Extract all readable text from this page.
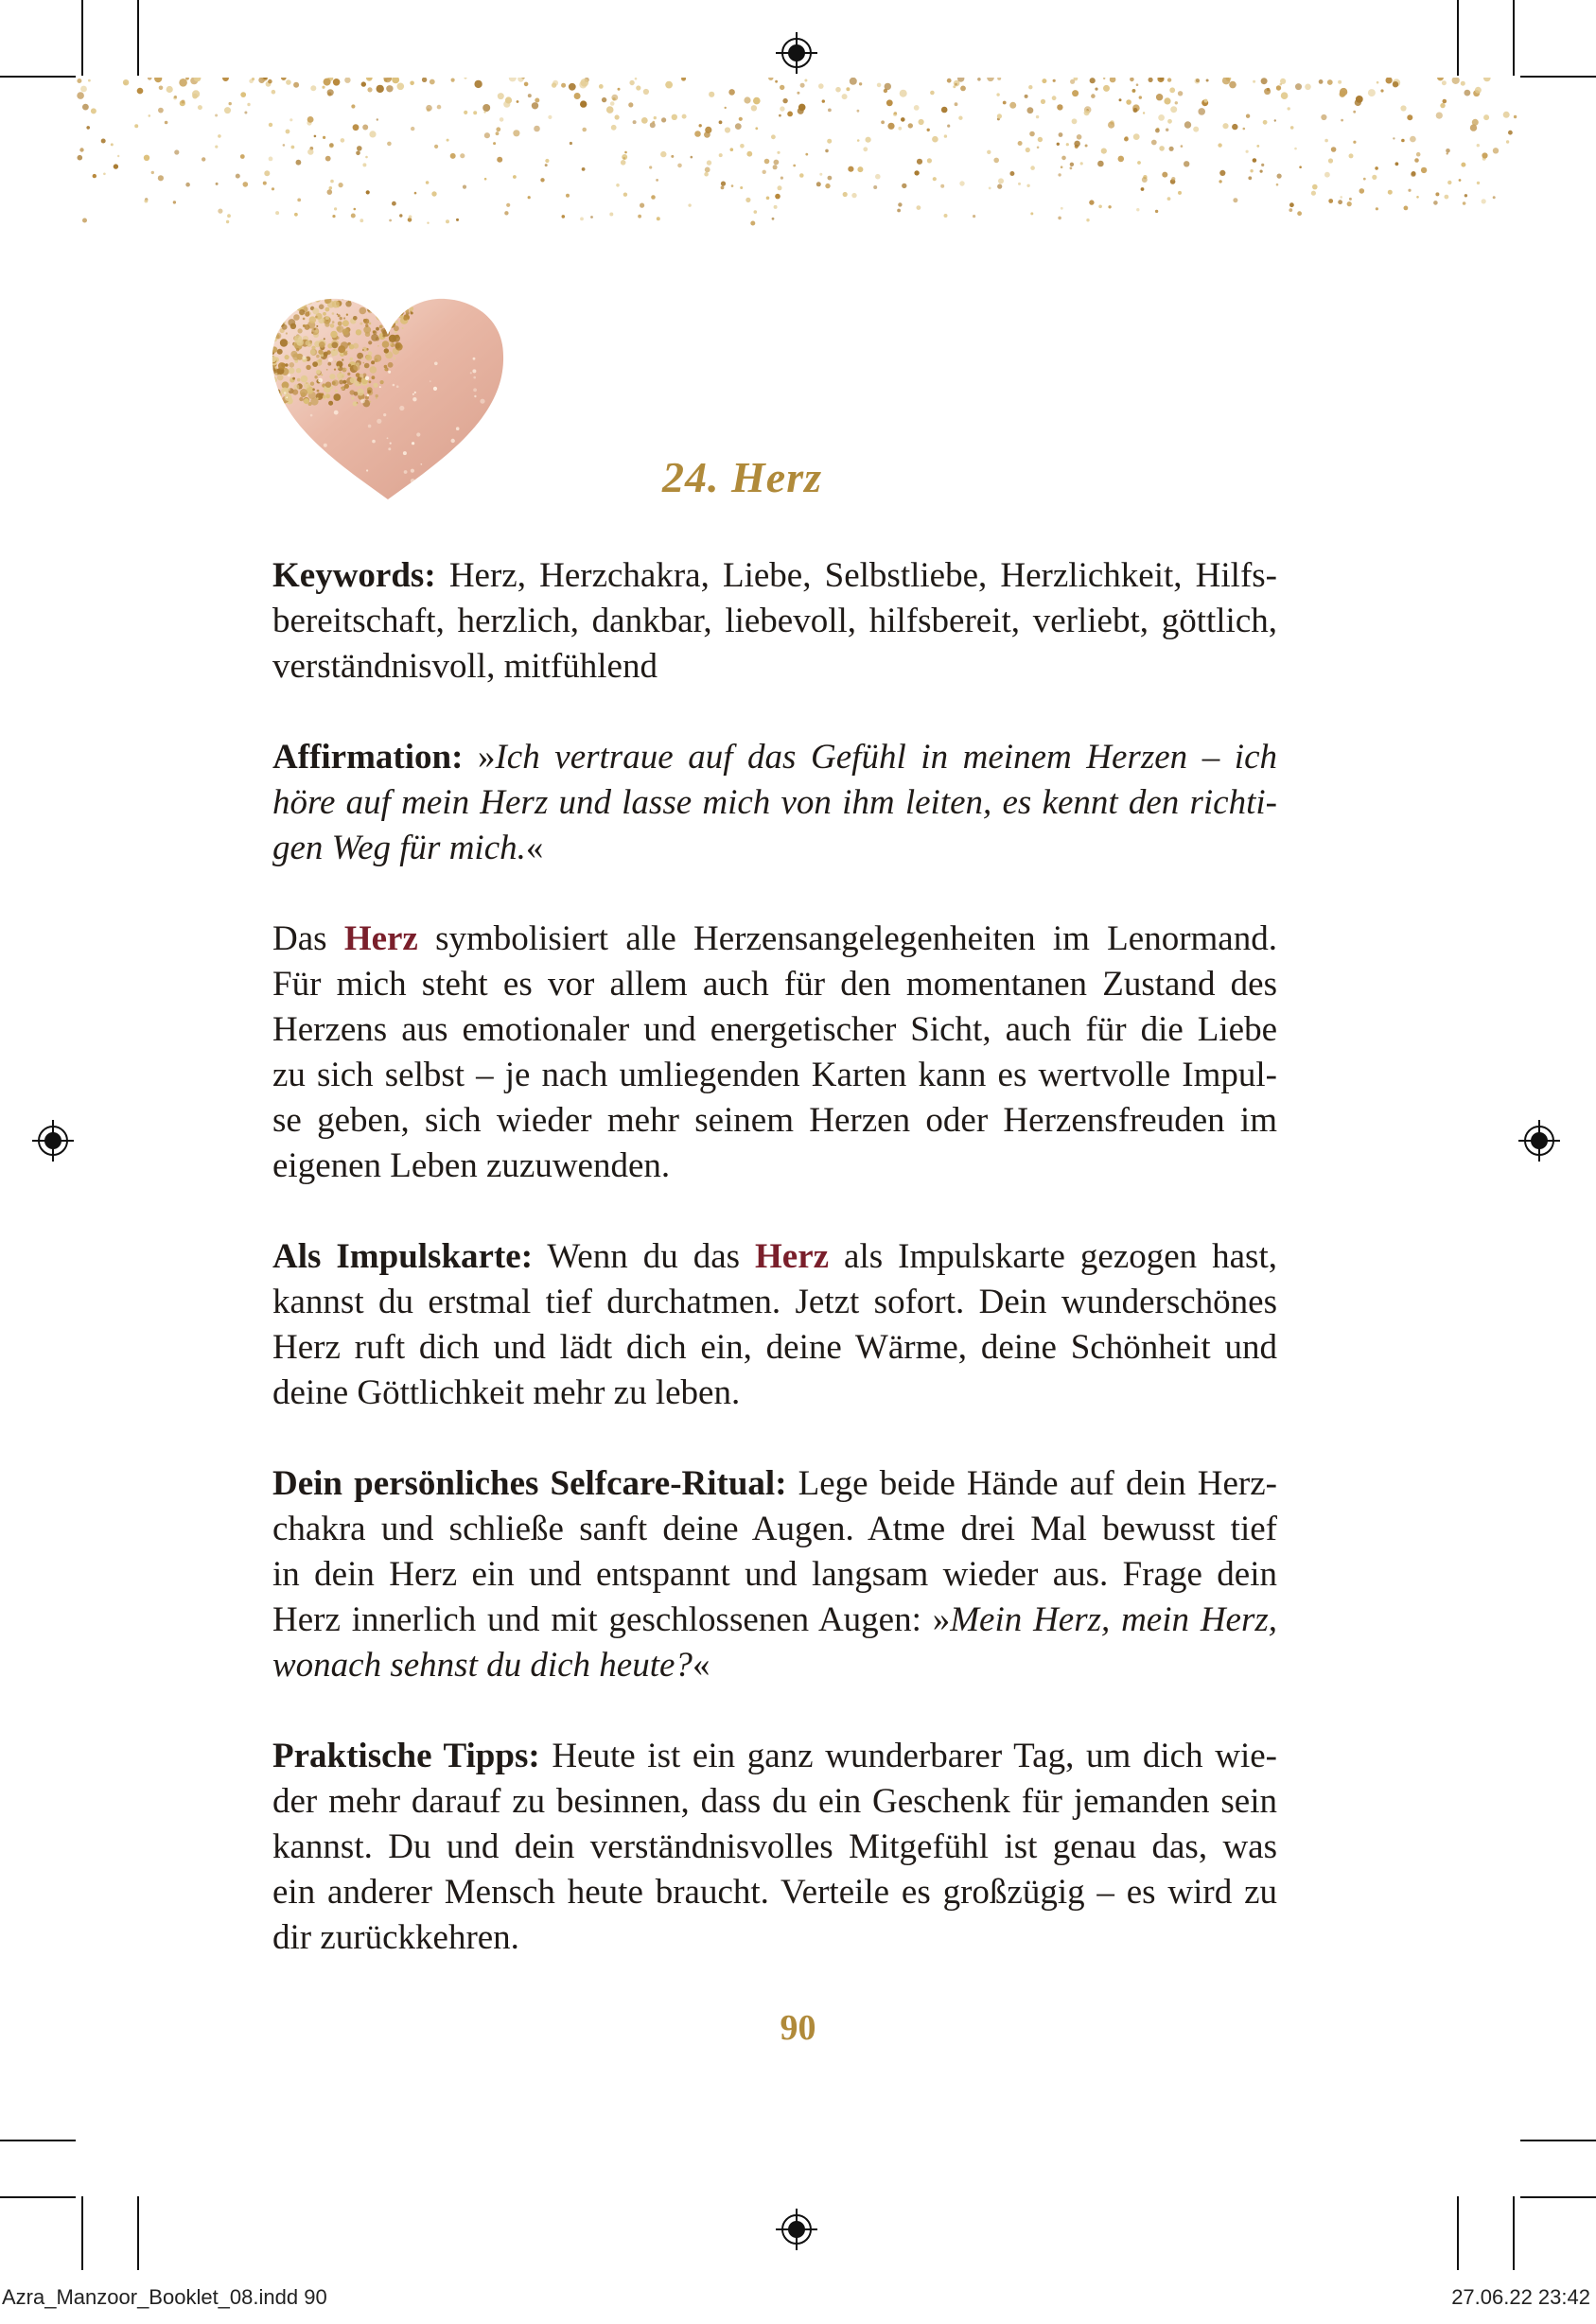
24. Herz

Keywords: Herz, Herzchakra, Liebe, Selbstliebe, Herzlichkeit, Hilfs-
bereitschaft, herzlich, dankbar, liebevoll, hilfsbereit, verliebt, göttlich,
verständnisvoll, mitfühlend

Affirmation: »Ich vertraue auf das Gefühl in meinem Herzen – ich
höre auf mein Herz und lasse mich von ihm leiten, es kennt den richti-
gen Weg für mich.«

Das Herz symbolisiert alle Herzensangelegenheiten im Lenormand.
Für mich steht es vor allem auch für den momentanen Zustand des
Herzens aus emotionaler und energetischer Sicht, auch für die Liebe
zu sich selbst – je nach umliegenden Karten kann es wertvolle Impul-
se geben, sich wieder mehr seinem Herzen oder Herzensfreuden im
eigenen Leben zuzuwenden.

Als Impulskarte: Wenn du das Herz als Impulskarte gezogen hast,
kannst du erstmal tief durchatmen. Jetzt sofort. Dein wunderschönes
Herz ruft dich und lädt dich ein, deine Wärme, deine Schönheit und
deine Göttlichkeit mehr zu leben.

Dein persönliches Selfcare-Ritual: Lege beide Hände auf dein Herz-
chakra und schließe sanft deine Augen. Atme drei Mal bewusst tief
in dein Herz ein und entspannt und langsam wieder aus. Frage dein
Herz innerlich und mit geschlossenen Augen: »Mein Herz, mein Herz,
wonach sehnst du dich heute?«

Praktische Tipps: Heute ist ein ganz wunderbarer Tag, um dich wie-
der mehr darauf zu besinnen, dass du ein Geschenk für jemanden sein
kannst. Du und dein verständnisvolles Mitgefühl ist genau das, was
ein anderer Mensch heute braucht. Verteile es großzügig – es wird zu
dir zurückkehren.

90
Azra_Manzoor_Booklet_08.indd 90	27.06.22 23:42
